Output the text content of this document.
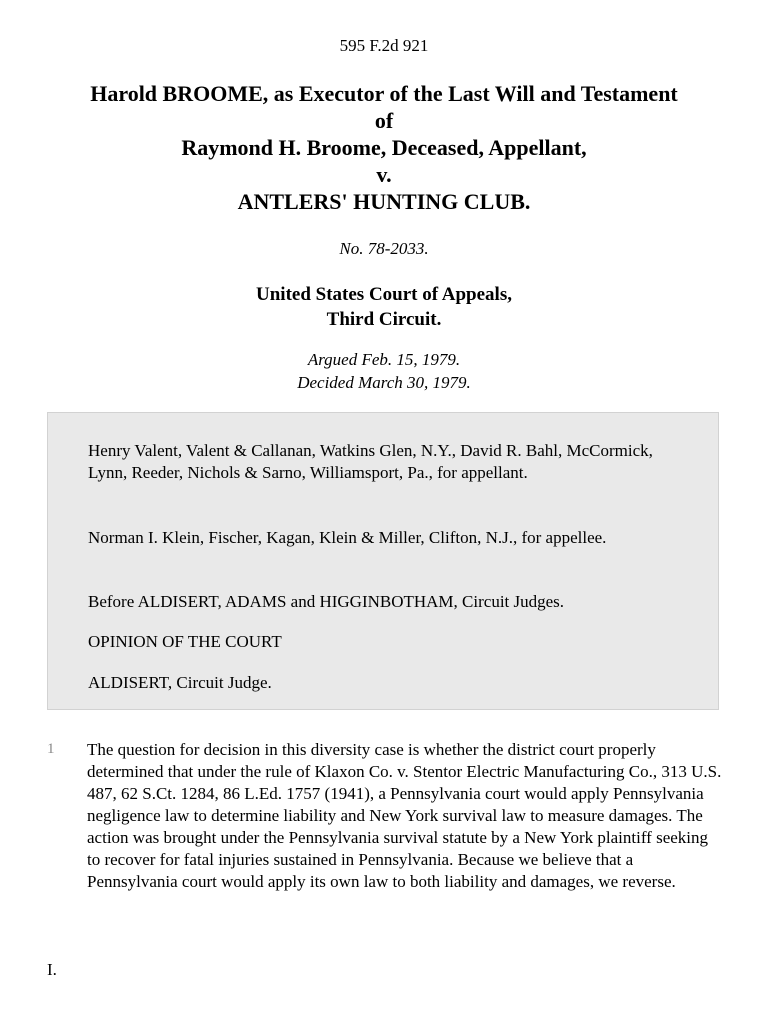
595 F.2d 921
Harold BROOME, as Executor of the Last Will and Testament
of
Raymond H. Broome, Deceased, Appellant,
v.
ANTLERS' HUNTING CLUB.
No. 78-2033.
United States Court of Appeals,
Third Circuit.
Argued Feb. 15, 1979.
Decided March 30, 1979.

Henry Valent, Valent & Callanan, Watkins Glen, N.Y., David R. Bahl, McCormick, Lynn, Reeder, Nichols & Sarno, Williamsport, Pa., for appellant.

Norman I. Klein, Fischer, Kagan, Klein & Miller, Clifton, N.J., for appellee.

Before ALDISERT, ADAMS and HIGGINBOTHAM, Circuit Judges.

OPINION OF THE COURT

ALDISERT, Circuit Judge.

1 The question for decision in this diversity case is whether the district court properly determined that under the rule of Klaxon Co. v. Stentor Electric Manufacturing Co., 313 U.S. 487, 62 S.Ct. 1284, 86 L.Ed. 1757 (1941), a Pennsylvania court would apply Pennsylvania negligence law to determine liability and New York survival law to measure damages. The action was brought under the Pennsylvania survival statute by a New York plaintiff seeking to recover for fatal injuries sustained in Pennsylvania. Because we believe that a Pennsylvania court would apply its own law to both liability and damages, we reverse.

I.
